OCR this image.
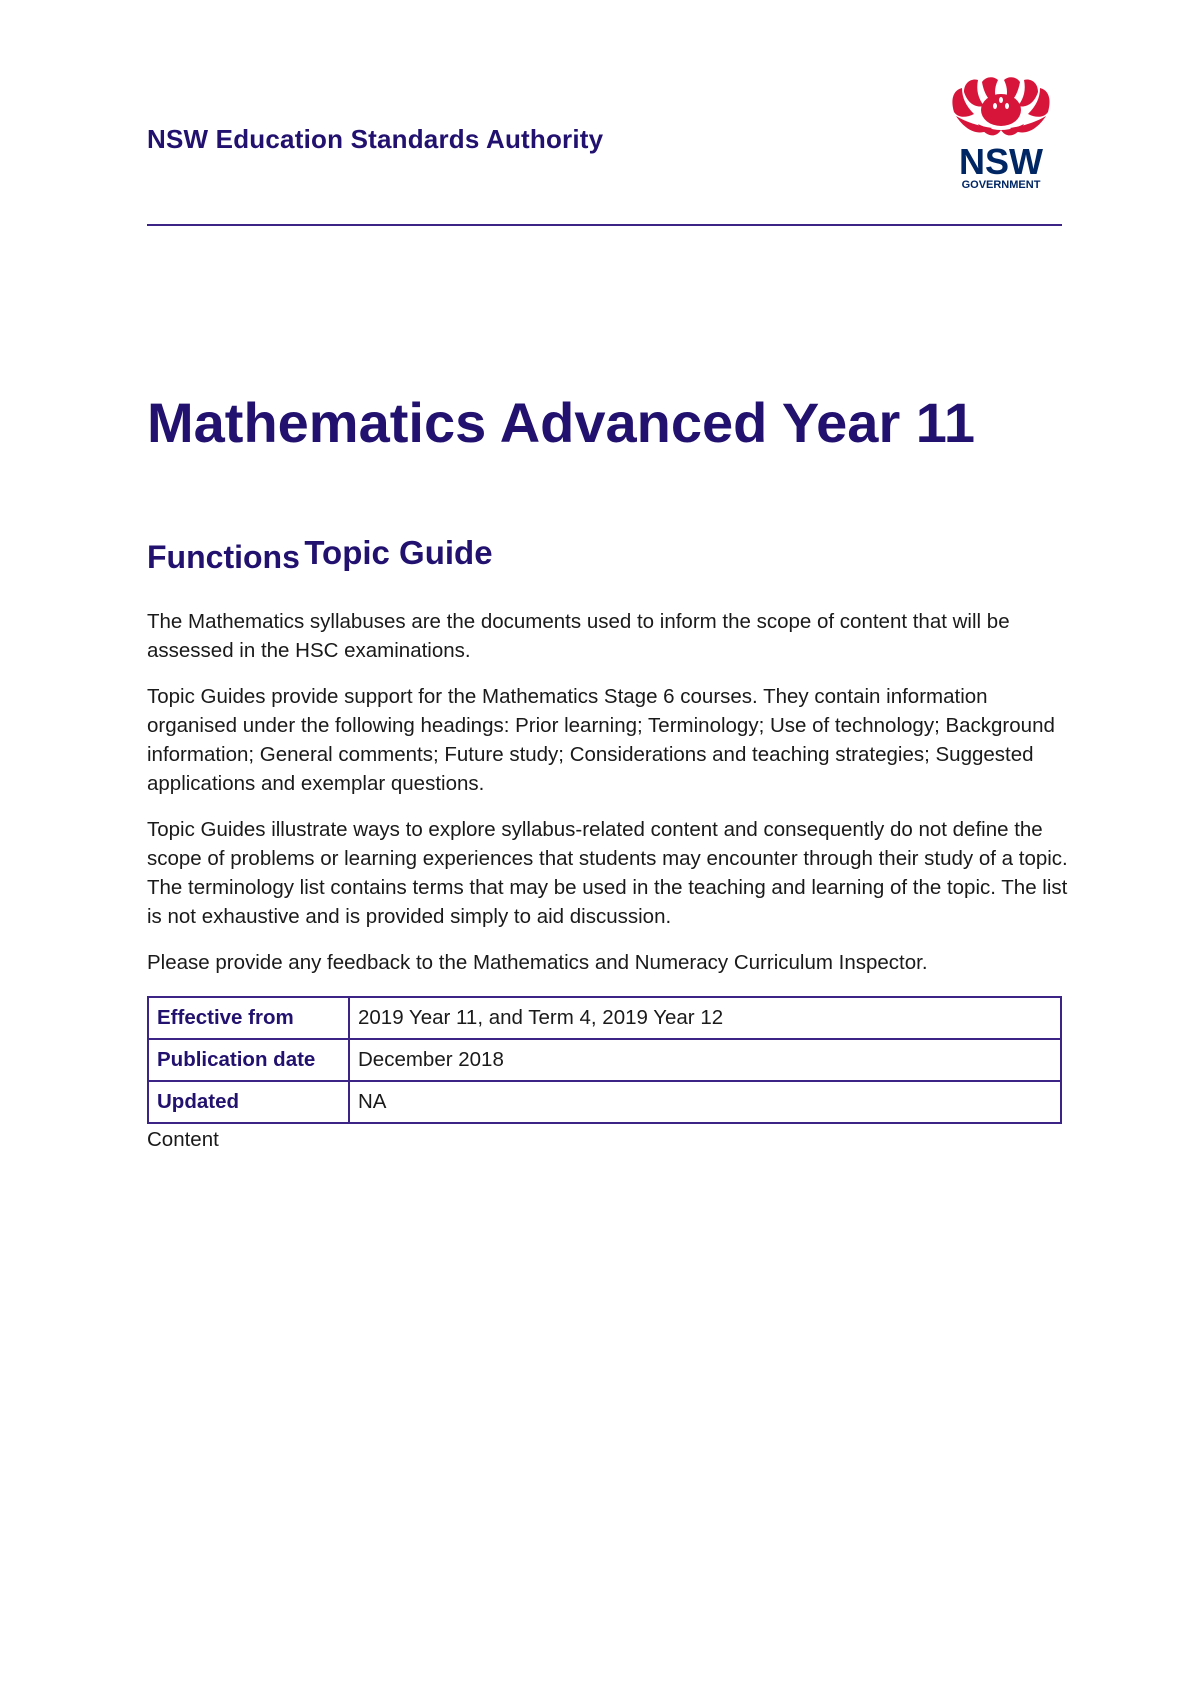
NSW Education Standards Authority
NSW
GOVERNMENT
Mathematics Advanced Year 11
Functions Topic Guide

The Mathematics syllabuses are the documents used to inform the scope of content that will be assessed in the HSC examinations.

Topic Guides provide support for the Mathematics Stage 6 courses. They contain information organised under the following headings: Prior learning; Terminology; Use of technology; Background information; General comments; Future study; Considerations and teaching strategies; Suggested applications and exemplar questions.

Topic Guides illustrate ways to explore syllabus-related content and consequently do not define the scope of problems or learning experiences that students may encounter through their study of a topic. The terminology list contains terms that may be used in the teaching and learning of the topic. The list is not exhaustive and is provided simply to aid discussion.

Please provide any feedback to the Mathematics and Numeracy Curriculum Inspector.

Effective from	2019 Year 11, and Term 4, 2019 Year 12
Publication date	December 2018
Updated	NA
Content
